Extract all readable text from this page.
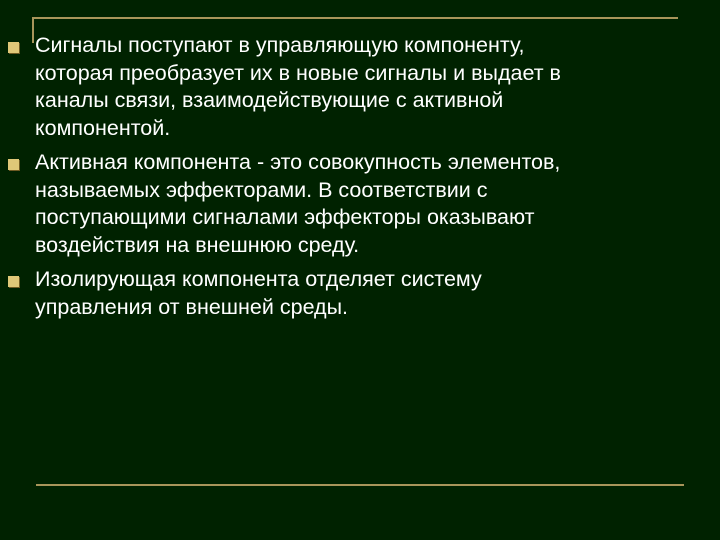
Сигналы поступают в управляющую компоненту,
которая преобразует их в новые сигналы и выдает в
каналы связи, взаимодействующие с активной
компонентой.
Активная компонента - это совокупность элементов,
называемых эффекторами. В соответствии с
поступающими сигналами эффекторы оказывают
воздействия на внешнюю среду.
Изолирующая компонента отделяет систему
управления от внешней среды.
